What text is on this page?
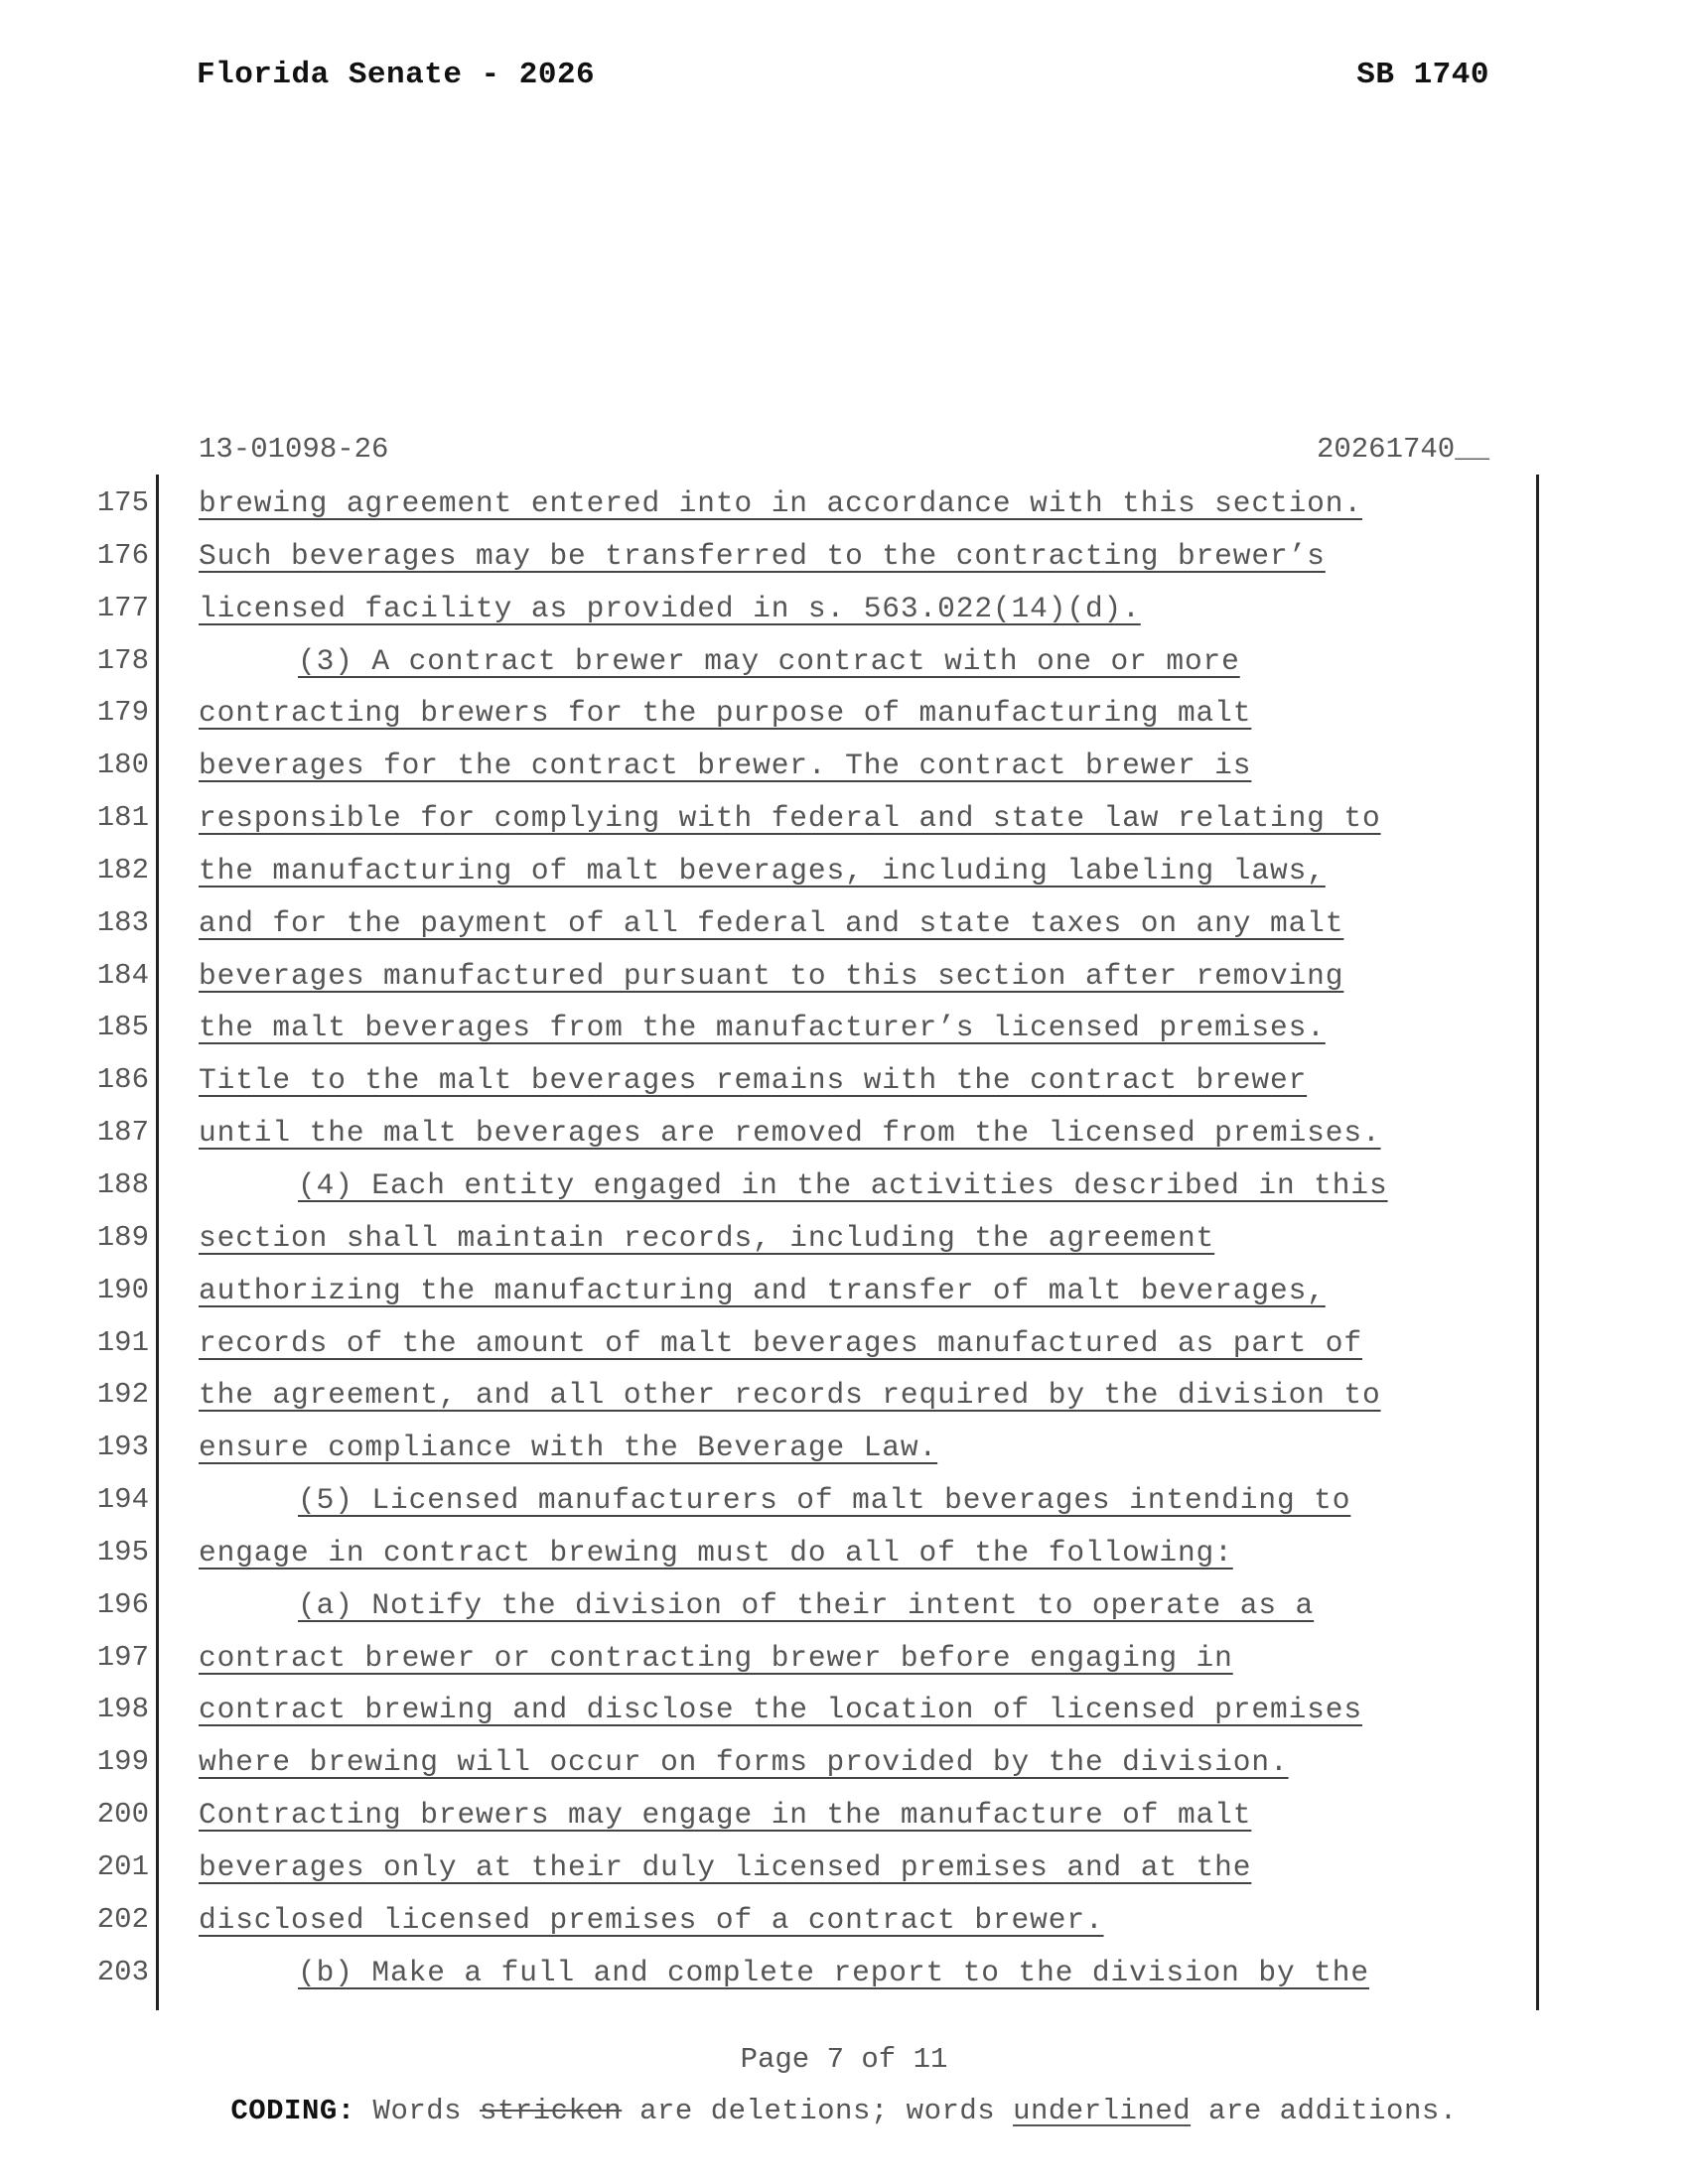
Florida Senate - 2026	SB 1740
13-01098-26	20261740__
175 brewing agreement entered into in accordance with this section.
176 Such beverages may be transferred to the contracting brewer’s
177 licensed facility as provided in s. 563.022(14)(d).
178	(3) A contract brewer may contract with one or more
179 contracting brewers for the purpose of manufacturing malt
180 beverages for the contract brewer. The contract brewer is
181 responsible for complying with federal and state law relating to
182 the manufacturing of malt beverages, including labeling laws,
183 and for the payment of all federal and state taxes on any malt
184 beverages manufactured pursuant to this section after removing
185 the malt beverages from the manufacturer’s licensed premises.
186 Title to the malt beverages remains with the contract brewer
187 until the malt beverages are removed from the licensed premises.
188	(4) Each entity engaged in the activities described in this
189 section shall maintain records, including the agreement
190 authorizing the manufacturing and transfer of malt beverages,
191 records of the amount of malt beverages manufactured as part of
192 the agreement, and all other records required by the division to
193 ensure compliance with the Beverage Law.
194	(5) Licensed manufacturers of malt beverages intending to
195 engage in contract brewing must do all of the following:
196	(a) Notify the division of their intent to operate as a
197 contract brewer or contracting brewer before engaging in
198 contract brewing and disclose the location of licensed premises
199 where brewing will occur on forms provided by the division.
200 Contracting brewers may engage in the manufacture of malt
201 beverages only at their duly licensed premises and at the
202 disclosed licensed premises of a contract brewer.
203	(b) Make a full and complete report to the division by the
Page 7 of 11
CODING: Words stricken are deletions; words underlined are additions.
